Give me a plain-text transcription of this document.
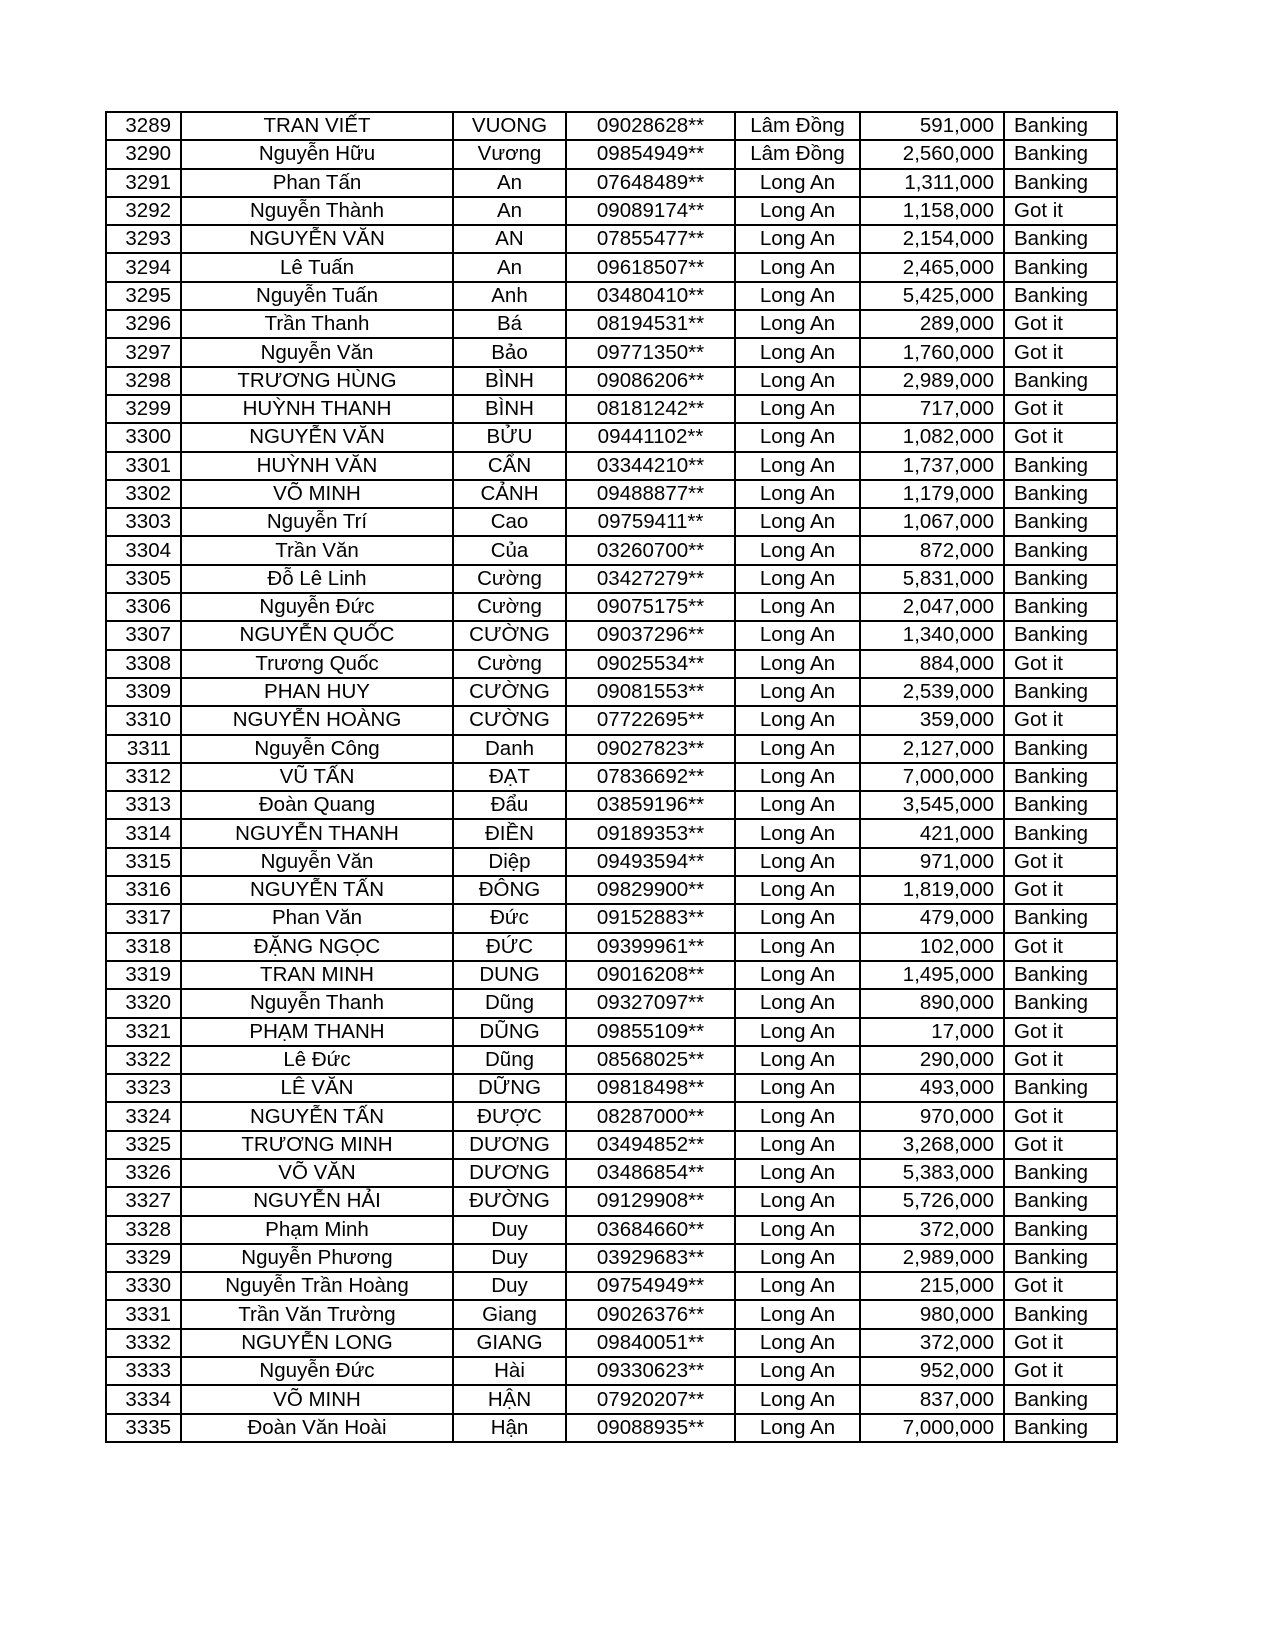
3289	TRAN VIẾT	VUONG	09028628**	Lâm Đồng	591,000	Banking
3290	Nguyễn Hữu	Vương	09854949**	Lâm Đồng	2,560,000	Banking
3291	Phan Tấn	An	07648489**	Long An	1,311,000	Banking
3292	Nguyễn Thành	An	09089174**	Long An	1,158,000	Got it
3293	NGUYỄN VĂN	AN	07855477**	Long An	2,154,000	Banking
3294	Lê Tuấn	An	09618507**	Long An	2,465,000	Banking
3295	Nguyễn Tuấn	Anh	03480410**	Long An	5,425,000	Banking
3296	Trần Thanh	Bá	08194531**	Long An	289,000	Got it
3297	Nguyễn Văn	Bảo	09771350**	Long An	1,760,000	Got it
3298	TRƯƠNG HÙNG	BÌNH	09086206**	Long An	2,989,000	Banking
3299	HUỲNH THANH	BÌNH	08181242**	Long An	717,000	Got it
3300	NGUYỄN VĂN	BỬU	09441102**	Long An	1,082,000	Got it
3301	HUỲNH VĂN	CẨN	03344210**	Long An	1,737,000	Banking
3302	VÕ MINH	CẢNH	09488877**	Long An	1,179,000	Banking
3303	Nguyễn Trí	Cao	09759411**	Long An	1,067,000	Banking
3304	Trần Văn	Của	03260700**	Long An	872,000	Banking
3305	Đỗ Lê Linh	Cường	03427279**	Long An	5,831,000	Banking
3306	Nguyễn Đức	Cường	09075175**	Long An	2,047,000	Banking
3307	NGUYỄN QUỐC	CƯỜNG	09037296**	Long An	1,340,000	Banking
3308	Trương Quốc	Cường	09025534**	Long An	884,000	Got it
3309	PHAN HUY	CƯỜNG	09081553**	Long An	2,539,000	Banking
3310	NGUYỄN HOÀNG	CƯỜNG	07722695**	Long An	359,000	Got it
3311	Nguyễn Công	Danh	09027823**	Long An	2,127,000	Banking
3312	VŨ TẤN	ĐẠT	07836692**	Long An	7,000,000	Banking
3313	Đoàn Quang	Đẩu	03859196**	Long An	3,545,000	Banking
3314	NGUYỄN THANH	ĐIỀN	09189353**	Long An	421,000	Banking
3315	Nguyễn Văn	Diệp	09493594**	Long An	971,000	Got it
3316	NGUYỄN TẤN	ĐÔNG	09829900**	Long An	1,819,000	Got it
3317	Phan Văn	Đức	09152883**	Long An	479,000	Banking
3318	ĐẶNG NGỌC	ĐỨC	09399961**	Long An	102,000	Got it
3319	TRAN MINH	DUNG	09016208**	Long An	1,495,000	Banking
3320	Nguyễn Thanh	Dũng	09327097**	Long An	890,000	Banking
3321	PHẠM THANH	DŨNG	09855109**	Long An	17,000	Got it
3322	Lê Đức	Dũng	08568025**	Long An	290,000	Got it
3323	LÊ VĂN	DỮNG	09818498**	Long An	493,000	Banking
3324	NGUYỄN TẤN	ĐƯỢC	08287000**	Long An	970,000	Got it
3325	TRƯƠNG MINH	DƯƠNG	03494852**	Long An	3,268,000	Got it
3326	VÕ VĂN	DƯƠNG	03486854**	Long An	5,383,000	Banking
3327	NGUYỄN HẢI	ĐƯỜNG	09129908**	Long An	5,726,000	Banking
3328	Phạm Minh	Duy	03684660**	Long An	372,000	Banking
3329	Nguyễn Phương	Duy	03929683**	Long An	2,989,000	Banking
3330	Nguyễn Trần Hoàng	Duy	09754949**	Long An	215,000	Got it
3331	Trần Văn Trường	Giang	09026376**	Long An	980,000	Banking
3332	NGUYỄN LONG	GIANG	09840051**	Long An	372,000	Got it
3333	Nguyễn Đức	Hài	09330623**	Long An	952,000	Got it
3334	VÕ MINH	HẬN	07920207**	Long An	837,000	Banking
3335	Đoàn Văn Hoài	Hận	09088935**	Long An	7,000,000	Banking
